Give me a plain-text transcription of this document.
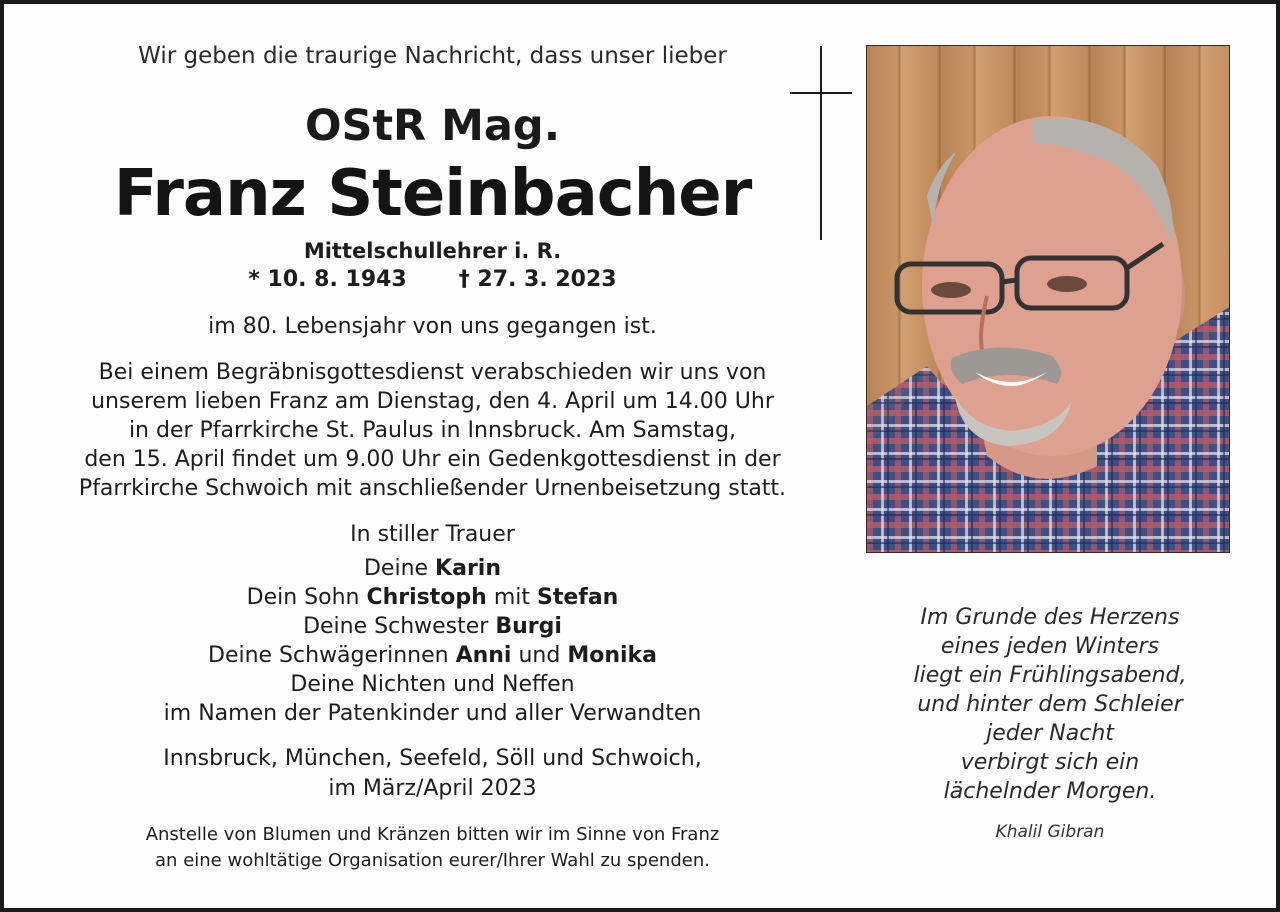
Wir geben die traurige Nachricht, dass unser lieber
OStR Mag.
Franz Steinbacher
Mittelschullehrer i. R.
* 10. 8. 1943 † 27. 3. 2023
im 80. Lebensjahr von uns gegangen ist.
Bei einem Begräbnisgottesdienst verabschieden wir uns von
unserem lieben Franz am Dienstag, den 4. April um 14.00 Uhr
in der Pfarrkirche St. Paulus in Innsbruck. Am Samstag,
den 15. April findet um 9.00 Uhr ein Gedenkgottesdienst in der
Pfarrkirche Schwoich mit anschließender Urnenbeisetzung statt.
In stiller Trauer
Deine Karin
Dein Sohn Christoph mit Stefan
Deine Schwester Burgi
Deine Schwägerinnen Anni und Monika
Deine Nichten und Neffen
im Namen der Patenkinder und aller Verwandten
Innsbruck, München, Seefeld, Söll und Schwoich,
im März/April 2023
Anstelle von Blumen und Kränzen bitten wir im Sinne von Franz
an eine wohltätige Organisation eurer/Ihrer Wahl zu spenden.
Im Grunde des Herzens
eines jeden Winters
liegt ein Frühlingsabend,
und hinter dem Schleier
jeder Nacht
verbirgt sich ein
lächelnder Morgen.
Khalil Gibran
